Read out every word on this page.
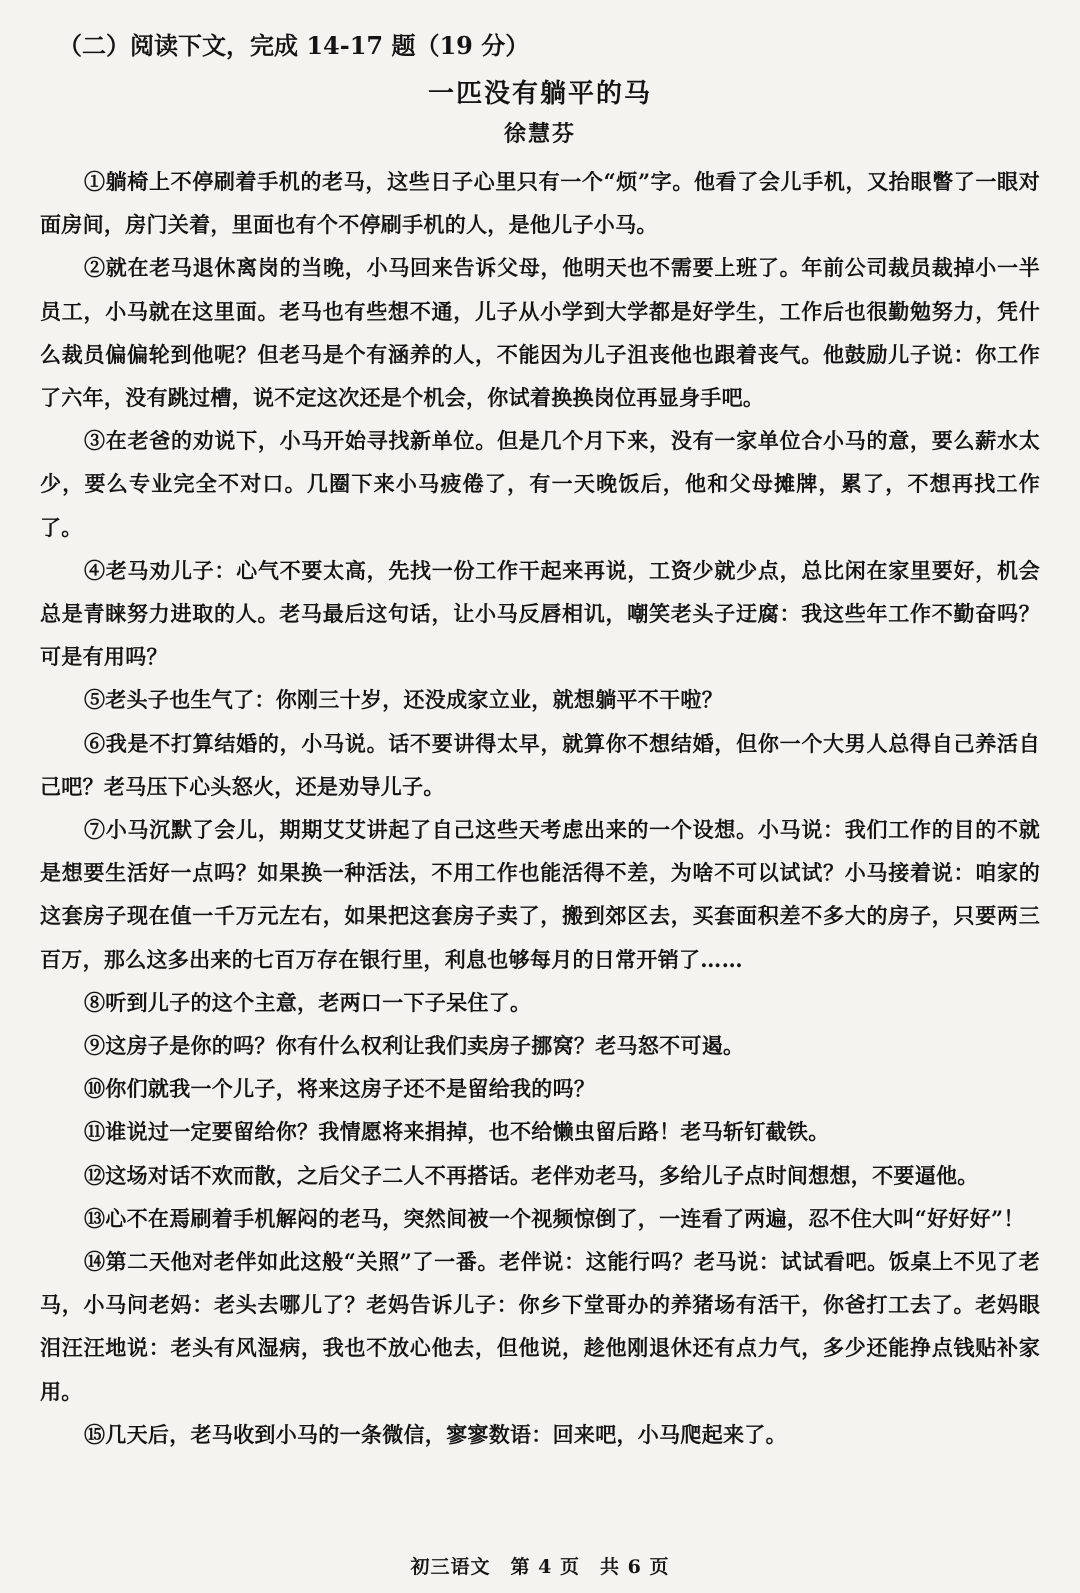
（二）阅读下文，完成 14-17 题（19 分）
一匹没有躺平的马
徐慧芬

①躺椅上不停刷着手机的老马，这些日子心里只有一个“烦”字。他看了会儿手机，又抬眼瞥了一眼对面房间，房门关着，里面也有个不停刷手机的人，是他儿子小马。

②就在老马退休离岗的当晚，小马回来告诉父母，他明天也不需要上班了。年前公司裁员裁掉小一半员工，小马就在这里面。老马也有些想不通，儿子从小学到大学都是好学生，工作后也很勤勉努力，凭什么裁员偏偏轮到他呢？但老马是个有涵养的人，不能因为儿子沮丧他也跟着丧气。他鼓励儿子说：你工作了六年，没有跳过槽，说不定这次还是个机会，你试着换换岗位再显身手吧。

③在老爸的劝说下，小马开始寻找新单位。但是几个月下来，没有一家单位合小马的意，要么薪水太少，要么专业完全不对口。几圈下来小马疲倦了，有一天晚饭后，他和父母摊牌，累了，不想再找工作了。

④老马劝儿子：心气不要太高，先找一份工作干起来再说，工资少就少点，总比闲在家里要好，机会总是青睐努力进取的人。老马最后这句话，让小马反唇相讥，嘲笑老头子迂腐：我这些年工作不勤奋吗？可是有用吗？

⑤老头子也生气了：你刚三十岁，还没成家立业，就想躺平不干啦？

⑥我是不打算结婚的，小马说。话不要讲得太早，就算你不想结婚，但你一个大男人总得自己养活自己吧？老马压下心头怒火，还是劝导儿子。

⑦小马沉默了会儿，期期艾艾讲起了自己这些天考虑出来的一个设想。小马说：我们工作的目的不就是想要生活好一点吗？如果换一种活法，不用工作也能活得不差，为啥不可以试试？小马接着说：咱家的这套房子现在值一千万元左右，如果把这套房子卖了，搬到郊区去，买套面积差不多大的房子，只要两三百万，那么这多出来的七百万存在银行里，利息也够每月的日常开销了……

⑧听到儿子的这个主意，老两口一下子呆住了。

⑨这房子是你的吗？你有什么权利让我们卖房子挪窝？老马怒不可遏。

⑩你们就我一个儿子，将来这房子还不是留给我的吗？

⑪谁说过一定要留给你？我情愿将来捐掉，也不给懒虫留后路！老马斩钉截铁。

⑫这场对话不欢而散，之后父子二人不再搭话。老伴劝老马，多给儿子点时间想想，不要逼他。

⑬心不在焉刷着手机解闷的老马，突然间被一个视频惊倒了，一连看了两遍，忍不住大叫“好好好”！

⑭第二天他对老伴如此这般“关照”了一番。老伴说：这能行吗？老马说：试试看吧。饭桌上不见了老马，小马问老妈：老头去哪儿了？老妈告诉儿子：你乡下堂哥办的养猪场有活干，你爸打工去了。老妈眼泪汪汪地说：老头有风湿病，我也不放心他去，但他说，趁他刚退休还有点力气，多少还能挣点钱贴补家用。

⑮几天后，老马收到小马的一条微信，寥寥数语：回来吧，小马爬起来了。

初三语文　第 4 页　共 6 页
